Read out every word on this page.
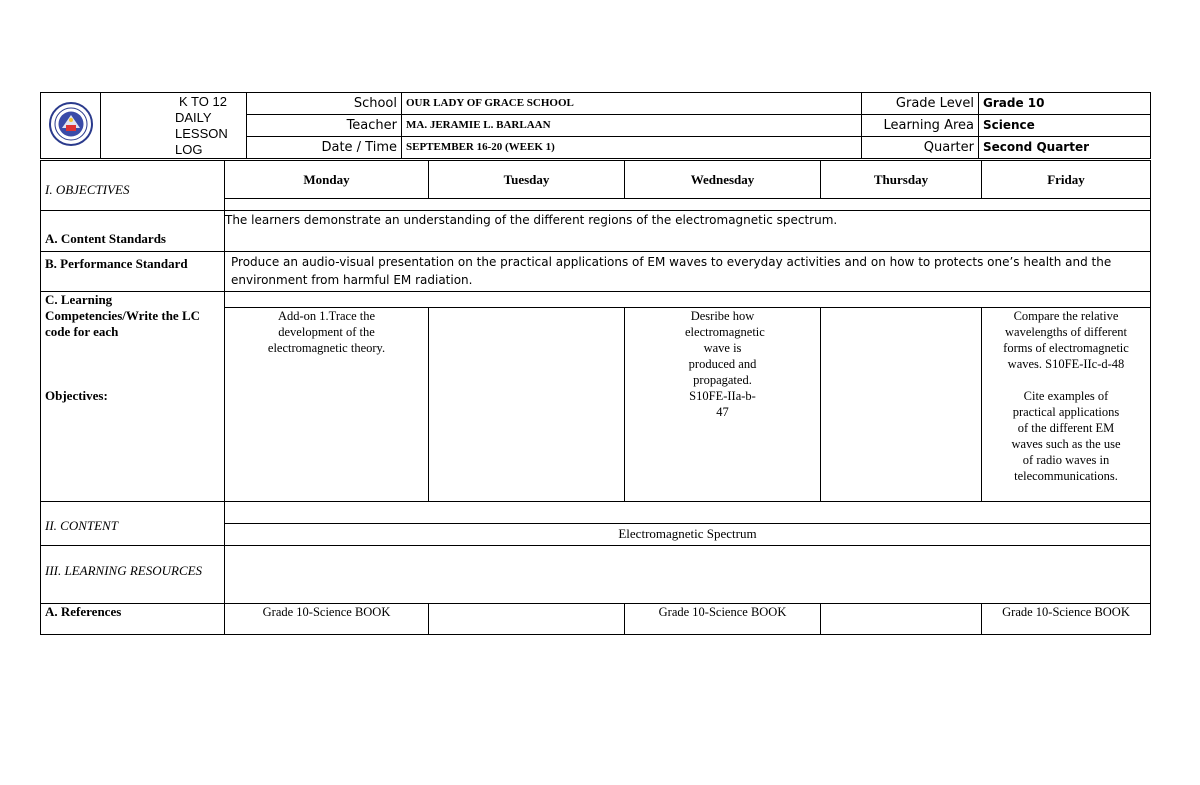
K TO 12
DAILY LESSON
LOG	School	OUR LADY OF GRACE SCHOOL	Grade Level	Grade 10
		Teacher	MA. JERAMIE L. BARLAAN	Learning Area	Science
		Date / Time	SEPTEMBER 16-20 (WEEK 1)	Quarter	Second Quarter
I. OBJECTIVES	Monday	Tuesday	Wednesday	Thursday	Friday

A. Content Standards	The learners demonstrate an understanding of the different regions of the electromagnetic spectrum.				
B. Performance Standard	Produce an audio-visual presentation on the practical applications of EM waves to everyday activities and on how to protects one’s health and the environment from harmful EM radiation.				

C. Learning
Competencies/Write the LC code for each
Objectives:					

	Add-on 1.Trace the development of the electromagnetic theory.		Desribe how electromagnetic wave is produced and propagated. S10FE-IIa-b-47		Compare the relative wavelengths of different forms of electromagnetic waves. S10FE-IIc-d-48
Cite examples of practical applications of the different EM waves such as the use of radio waves in telecommunications.

II. CONTENT					
	Electromagnetic Spectrum				
III. LEARNING RESOURCES					
A. References	Grade 10-Science BOOK		Grade 10-Science BOOK		Grade 10-Science BOOK
